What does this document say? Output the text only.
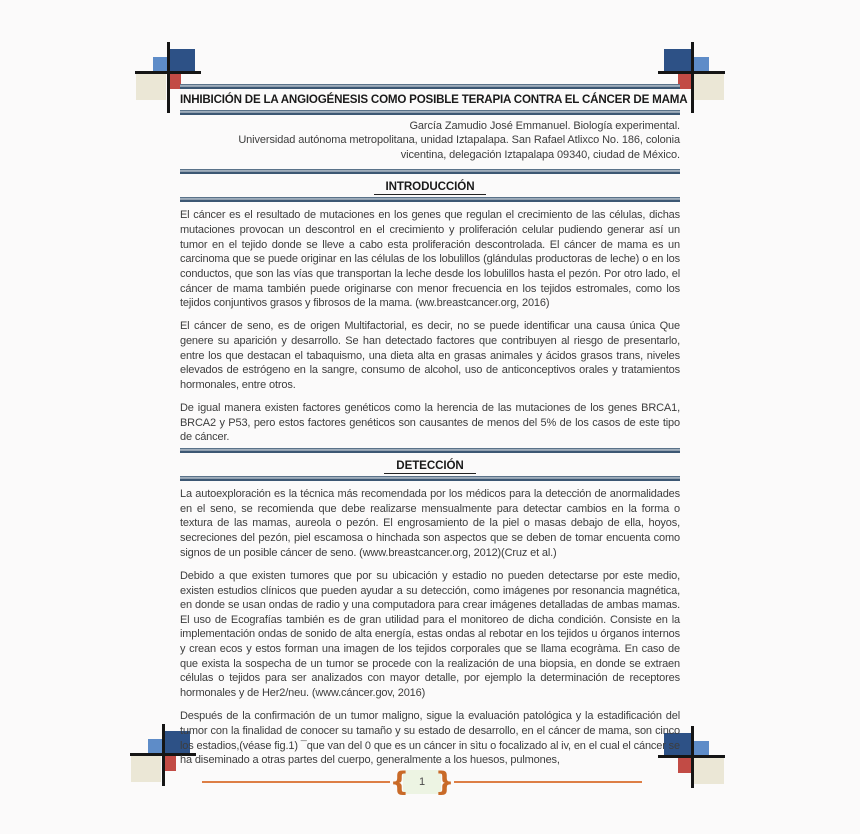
INHIBICIÓN DE LA ANGIOGÉNESIS COMO POSIBLE TERAPIA CONTRA EL CÁNCER DE MAMA
García Zamudio José Emmanuel. Biología experimental.
Universidad autónoma metropolitana, unidad Iztapalapa. San Rafael Atlixco No. 186, colonia
vicentina, delegación Iztapalapa 09340, ciudad de México.
INTRODUCCIÓN

El cáncer es el resultado de mutaciones en los genes que regulan el crecimiento de las células, dichas mutaciones provocan un descontrol en el crecimiento y proliferación celular pudiendo generar así un tumor en el tejido donde se lleve a cabo esta proliferación descontrolada. El cáncer de mama es un carcinoma que se puede originar en las células de los lobulillos (glándulas productoras de leche) o en los conductos, que son las vías que transportan la leche desde los lobulillos hasta el pezón. Por otro lado, el cáncer de mama también puede originarse con menor frecuencia en los tejidos estromales, como los tejidos conjuntivos grasos y fibrosos de la mama. (ww.breastcancer.org, 2016)

El cáncer de seno, es de origen Multifactorial, es decir, no se puede identificar una causa única Que genere su aparición y desarrollo. Se han detectado factores que contribuyen al riesgo de presentarlo, entre los que destacan el tabaquismo, una dieta alta en grasas animales y ácidos grasos trans, niveles elevados de estrógeno en la sangre, consumo de alcohol, uso de anticonceptivos orales y tratamientos hormonales, entre otros.

De igual manera existen factores genéticos como la herencia de las mutaciones de los genes BRCA1, BRCA2 y P53, pero estos factores genéticos son causantes de menos del 5% de los casos de este tipo de cáncer.

DETECCIÓN

La autoexploración es la técnica más recomendada por los médicos para la detección de anormalidades en el seno, se recomienda que debe realizarse mensualmente para detectar cambios en la forma o textura de las mamas, aureola o pezón. El engrosamiento de la piel o masas debajo de ella, hoyos, secreciones del pezón, piel escamosa o hinchada son aspectos que se deben de tomar encuenta como signos de un posible cáncer de seno. (www.breastcancer.org, 2012)(Cruz et al.)

Debido a que existen tumores que por su ubicación y estadio no pueden detectarse por este medio, existen estudios clínicos que pueden ayudar a su detección, como imágenes por resonancia magnética, en donde se usan ondas de radio y una computadora para crear imágenes detalladas de ambas mamas. El uso de Ecografías también es de gran utilidad para el monitoreo de dicha condición. Consiste en la implementación ondas de sonido de alta energía, estas ondas al rebotar en los tejidos u órganos internos y crean ecos y estos forman una imagen de los tejidos corporales que se llama ecogràma. En caso de que exista la sospecha de un tumor se procede con la realización de una biopsia, en donde se extraen células o tejidos para ser analizados con mayor detalle, por ejemplo la determinación de receptores hormonales y de Her2/neu. (www.cáncer.gov, 2016)

Después de la confirmación de un tumor maligno, sigue la evaluación patológica y la estadificación del tumor con la finalidad de conocer su tamaño y su estado de desarrollo, en el cáncer de mama, son cinco los estadios,(véase fig.1) ¯que van del 0 que es un cáncer in sìtu o focalizado al iv, en el cual el cáncer se ha diseminado a otras partes del cuerpo, generalmente a los huesos, pulmones,

{ 1 }
